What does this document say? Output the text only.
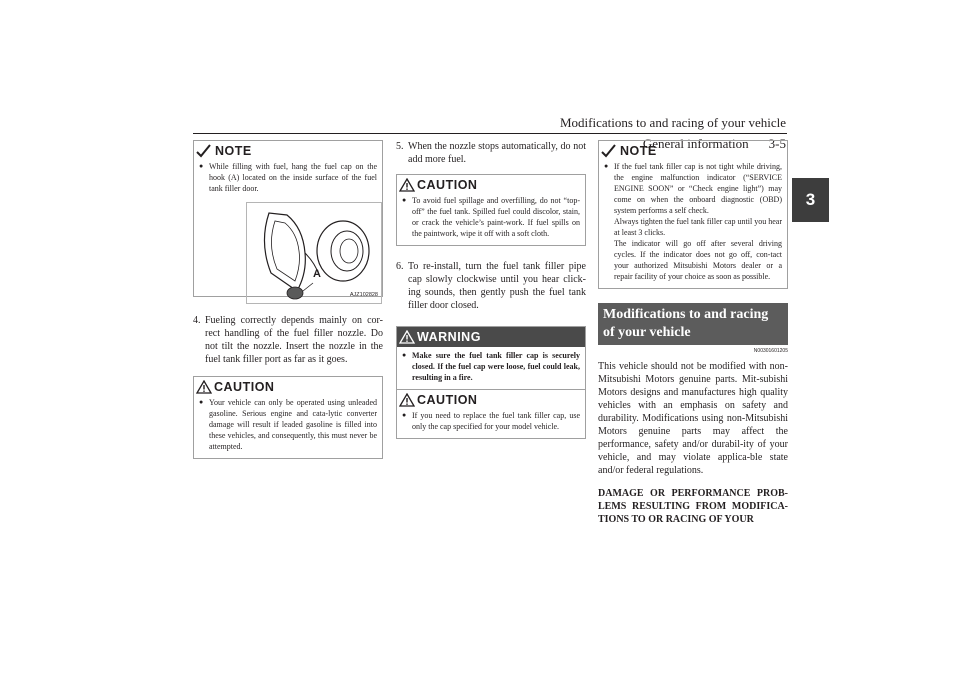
Modifications to and racing of your vehicle
General information 3-5
3
NOTE
● While filling with fuel, hang the fuel cap on the hook (A) located on the inside surface of the fuel tank filler door.
A
AJZ102828
4. Fueling correctly depends mainly on cor-rect handling of the fuel filler nozzle. Do not tilt the nozzle. Insert the nozzle in the fuel tank filler port as far as it goes.
CAUTION
● Your vehicle can only be operated using unleaded gasoline. Serious engine and cata-lytic converter damage will result if leaded gasoline is filled into these vehicles, and consequently, this must never be attempted.
5. When the nozzle stops automatically, do not add more fuel.
CAUTION
● To avoid fuel spillage and overfilling, do not “top-off” the fuel tank. Spilled fuel could discolor, stain, or crack the vehicle’s paint-work. If fuel spills on the paintwork, wipe it off with a soft cloth.
6. To re-install, turn the fuel tank filler pipe cap slowly clockwise until you hear click-ing sounds, then gently push the fuel tank filler door closed.
WARNING
● Make sure the fuel tank filler cap is securely closed. If the fuel cap were loose, fuel could leak, resulting in a fire.
CAUTION
● If you need to replace the fuel tank filler cap, use only the cap specified for your model vehicle.
NOTE
● If the fuel tank filler cap is not tight while driving, the engine malfunction indicator (“SERVICE ENGINE SOON” or “Check engine light”) may come on when the onboard diagnostic (OBD) system performs a self check.
Always tighten the fuel tank filler cap until you hear at least 3 clicks.
The indicator will go off after several driving cycles. If the indicator does not go off, con-tact your authorized Mitsubishi Motors dealer or a repair facility of your choice as soon as possible.
Modifications to and racing of your vehicle
N00301601205
This vehicle should not be modified with non-Mitsubishi Motors genuine parts. Mit-subishi Motors designs and manufactures high quality vehicles with an emphasis on safety and durability. Modifications using non-Mitsubishi Motors genuine parts may affect the performance, safety and/or durabil-ity of your vehicle, and may violate applica-ble state and/or federal regulations.
DAMAGE OR PERFORMANCE PROB-LEMS RESULTING FROM MODIFICA-TIONS TO OR RACING OF YOUR
